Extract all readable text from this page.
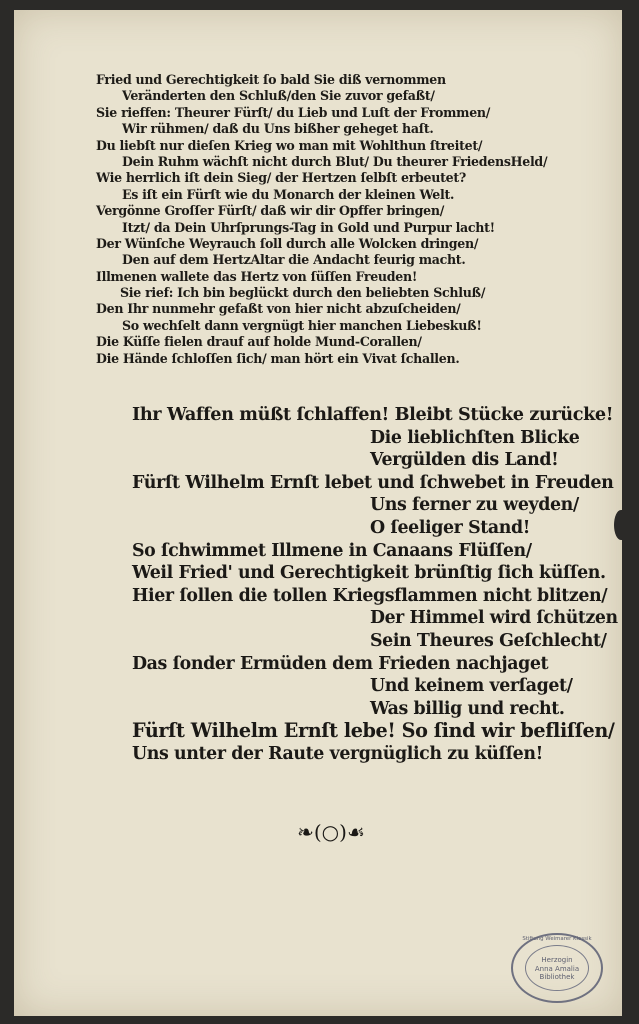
Fried und Gerechtigkeit ſo bald Sie diß vernommen
Veränderten den Schluß/den Sie zuvor gefaßt/
Sie rieffen: Theurer Fürſt/ du Lieb und Luſt der Frommen/
Wir rühmen/ daß du Uns bißher geheget haſt.
Du liebſt nur dieſen Krieg wo man mit Wohlthun ſtreitet/
Dein Ruhm wächſt nicht durch Blut/ Du theurer FriedensHeld/
Wie herrlich iſt dein Sieg/ der Hertzen ſelbſt erbeutet?
Es iſt ein Fürſt wie du Monarch der kleinen Welt.
Vergönne Groſſer Fürſt/ daß wir dir Opffer bringen/
Itzt/ da Dein Uhrſprungs-Tag in Gold und Purpur lacht!
Der Wünſche Weyrauch ſoll durch alle Wolcken dringen/
Den auf dem HertzAltar die Andacht feurig macht.
Illmenen wallete das Hertz von ſüſſen Freuden!
Sie rief: Ich bin beglückt durch den beliebten Schluß/
Den Ihr nunmehr gefaßt von hier nicht abzuſcheiden/
So wechſelt dann vergnügt hier manchen Liebeskuß!
Die Küſſe fielen drauf auf holde Mund-Corallen/
Die Hände ſchloſſen ſich/ man hört ein Vivat ſchallen.
Ihr Waffen müßt ſchlaffen! Bleibt Stücke zurücke!
Die lieblichſten Blicke
Vergülden dis Land!
Fürſt Wilhelm Ernſt lebet und ſchwebet in Freuden
Uns ferner zu weyden/
O ſeeliger Stand!
So ſchwimmet Illmene in Canaans Flüſſen/
Weil Fried' und Gerechtigkeit brünſtig ſich küſſen.
Hier ſollen die tollen Kriegsflammen nicht blitzen/
Der Himmel wird ſchützen
Sein Theures Geſchlecht/
Das ſonder Ermüden dem Frieden nachjaget
Und keinem verſaget/
Was billig und recht.
Fürſt Wilhelm Ernſt lebe! So ſind wir befliſſen/
Uns unter der Raute vergnüglich zu küſſen!
❧(○)☙
Stiftung Weimarer Klassik
Herzogin
Anna Amalia
Bibliothek
